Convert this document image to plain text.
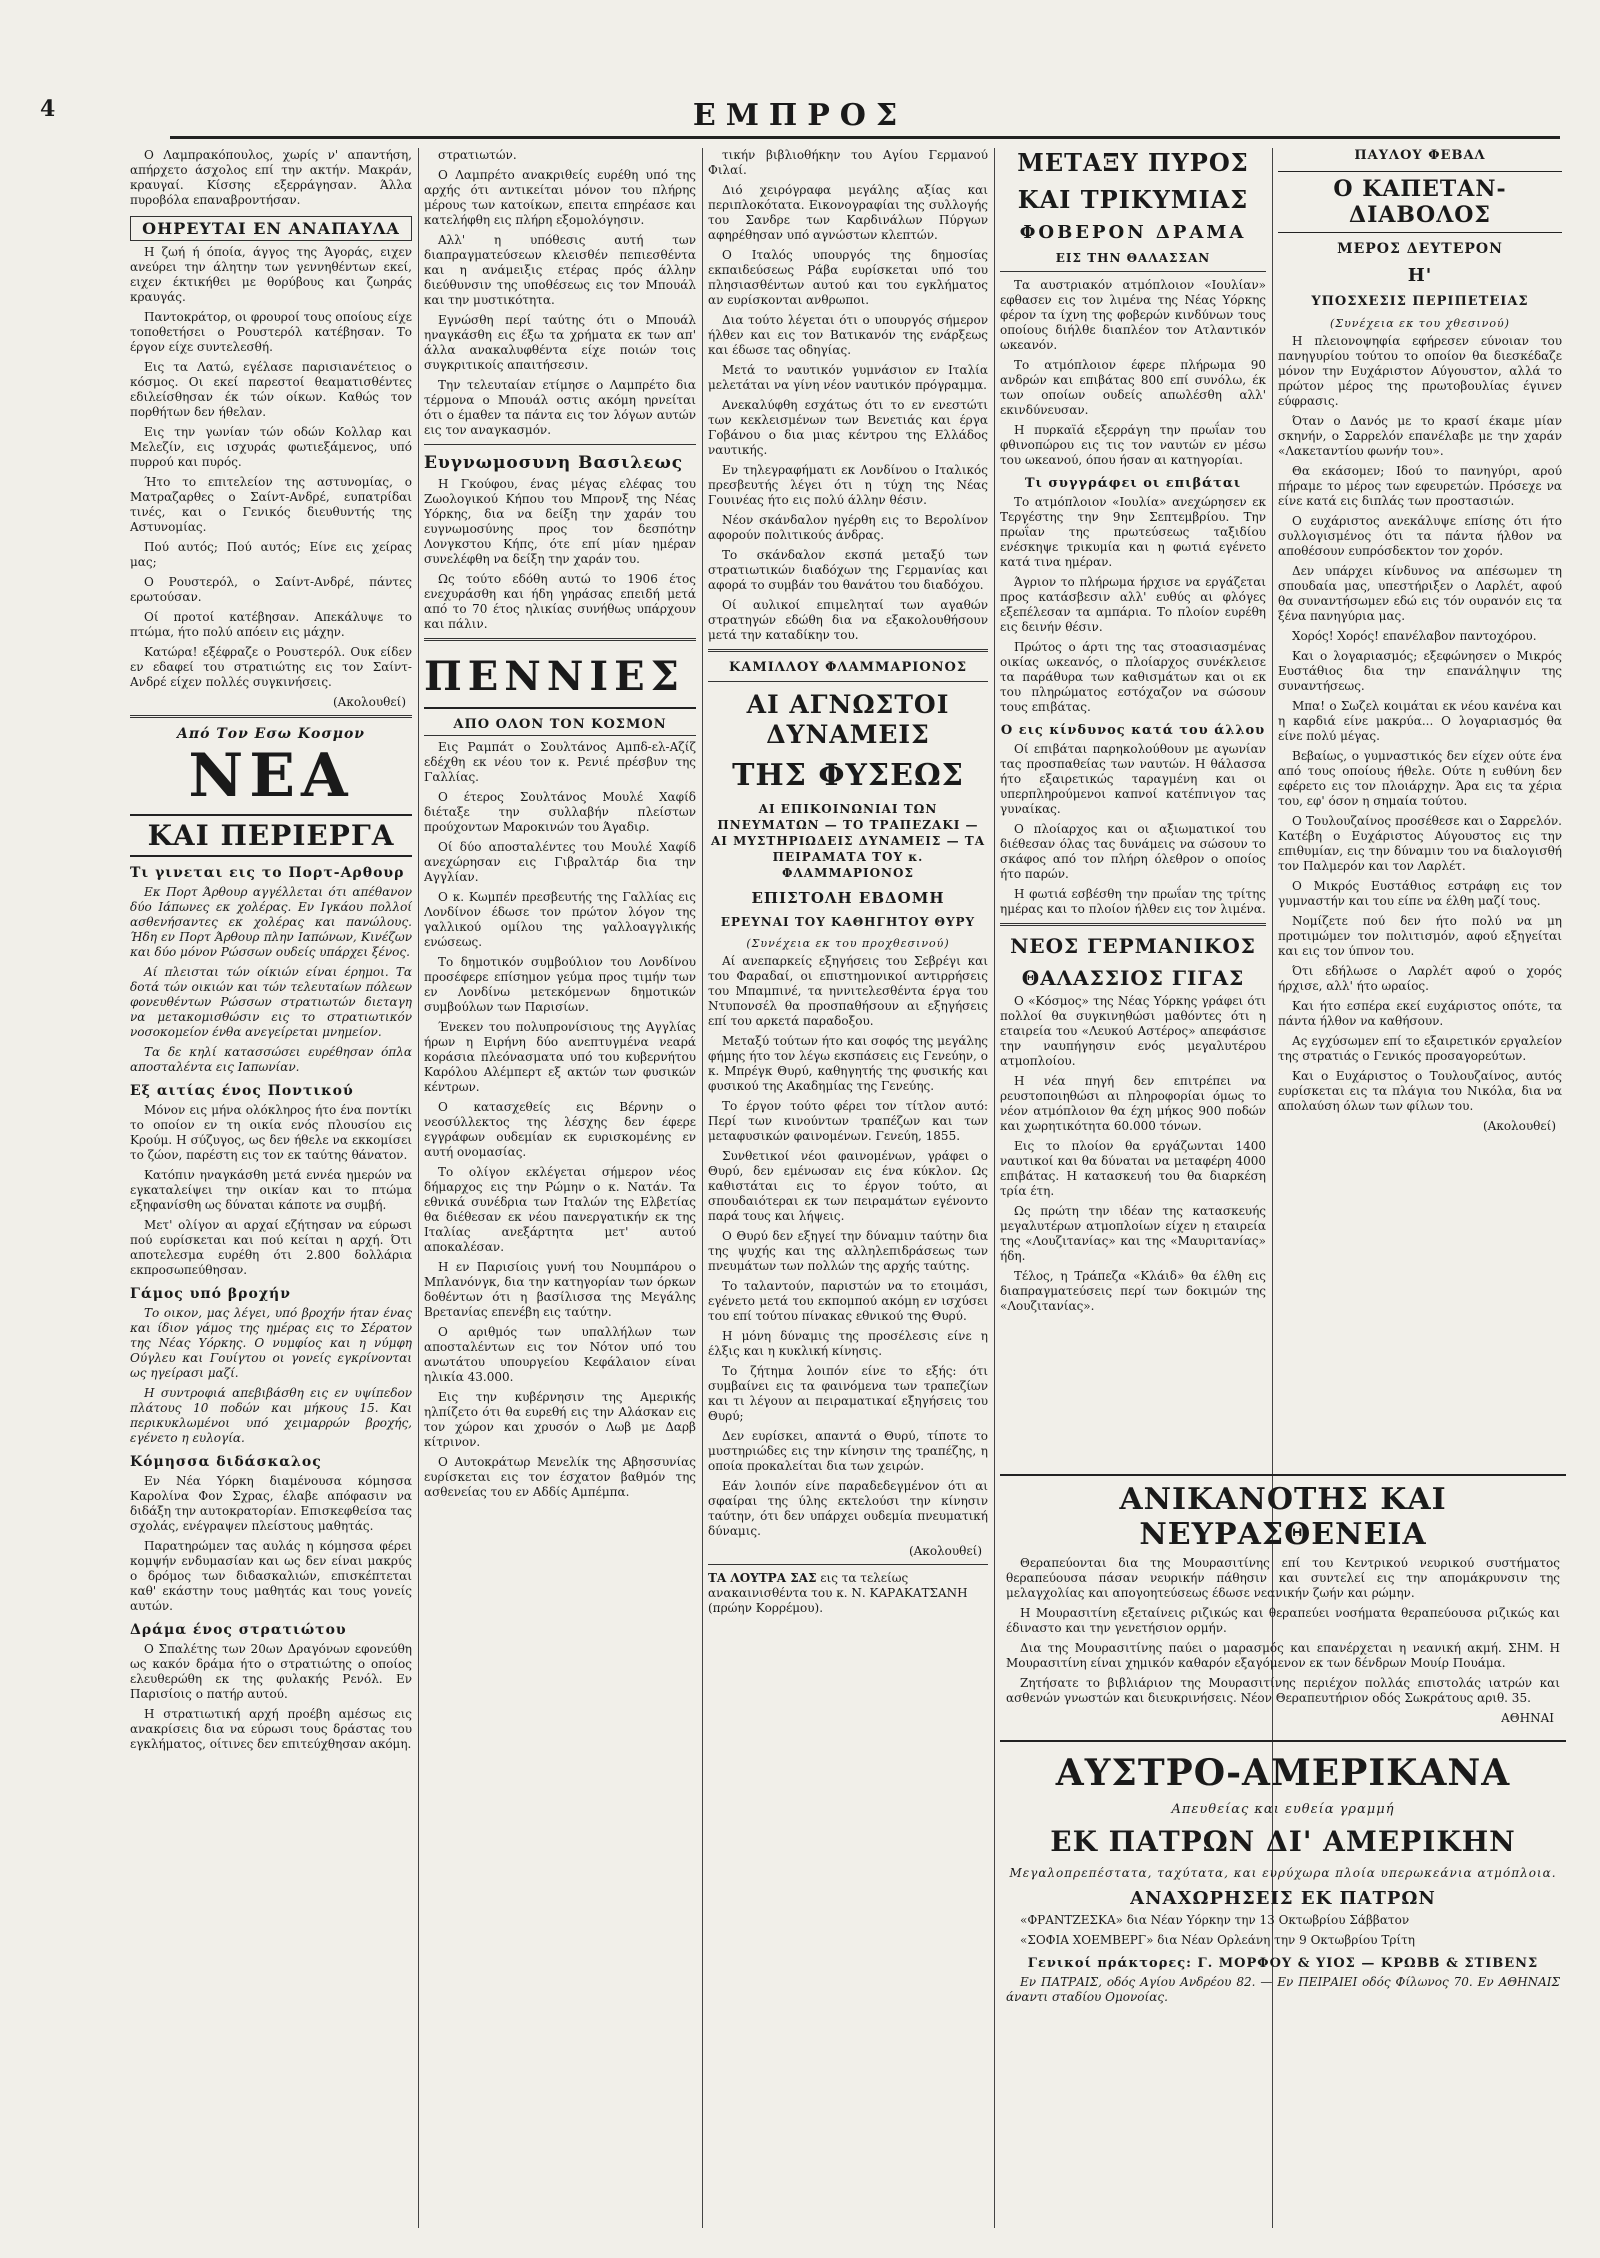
4	ΕΜΠΡΟΣ

Ο Λαμπρακόπουλος, χωρίς ν' απαντήση, απήρχετο άσχολος επί την ακτήν. Μακράν, κραυγαί. Κίσσης εξερράγησαν. Άλλα πυροβόλα επαναβροντήσαν.

ΟΗΡΕΥΤΑΙ ΕΝ ΑΝΑΠΑΥΛΑ

Η ζωή ή όποία, άγγος της Άγοράς, ειχεν ανεύρει την άλητην των γεννηθέντων εκεί, ειχεν έκτικήθει με θορύβους και ζωηράς κραυγάς.

Παντοκράτορ, οι φρουροί τους οποίους είχε τοποθετήσει ο Ρουστερόλ κατέβησαν. Το έργον είχε συντελεσθή.

Εις τα Λατώ, εγέλασε παρισιανέτειος ο κόσμος. Οι εκεί παρεστοί θεαματισθέντες εδιλείσθησαν έκ τών οίκων. Καθώς τον πορθήτων δεν ήθελαν.

Εις την γωνίαν τών οδών Κολλαρ και Μελεζίν, εις ισχυράς φωτιεξάμενος, υπό πυρρού και πυρός.

Ήτο το επιτελείον της αστυνομίας, ο Ματραζαρθες ο Σαίντ-Ανδρέ, ευπατρίδαι τινές, και ο Γενικός διευθυντής της Αστυνομίας.

Πού αυτός; Πού αυτός; Είνε εις χείρας μας;

Ο Ρουστερόλ, ο Σαίντ-Ανδρέ, πάντες ερωτούσαν.

Οί προτοί κατέβησαν. Απεκάλυψε το πτώμα, ήτο πολύ απόειν εις μάχην.

Κατώρα! εξέφραζε ο Ρουστερόλ. Ουκ είδεν εν εδαφεί του στρατιώτης εις τον Σαίντ-Ανδρέ είχεν πολλές συγκινήσεις.

(Ακολουθεί)
Από Τον Εσω Κοσμον
ΝΕΑ
ΚΑΙ ΠΕΡΙΕΡΓΑ
Τι γινεται εις το Πορτ-Αρθουρ

Εκ Πορτ Άρθουρ αγγέλλεται ότι απέθανον δύο Ιάπωνες εκ χολέρας. Εν Ιγκάου πολλοί ασθενήσαντες εκ χολέρας και πανώλους. Ήδη εν Πορτ Άρθουρ πλην Ιαπώνων, Κινέζων και δύο μόνον Ρώσσων ουδείς υπάρχει ξένος.

Αί πλεισται τών οίκιών είναι έρημοι. Τα δοτά τών οικιών και τών τελευταίων πόλεων φονευθέντων Ρώσσων στρατιωτών διεταγη να μετακομισθώσιν εις το στρατιωτικόν νοσοκομείον ένθα ανεγείρεται μνημείον.

Τα δε κηλί κατασσώσει ευρέθησαν όπλα αποσταλέντα εις Ιαπωνίαν.

Εξ αιτίας ένος Ποντικού

Μόνον εις μήνα ολόκληρος ήτο ένα ποντίκι το οποίον εν τη οικία ενός πλουσίου εις Κρούμ. Η σύζυγος, ως δεν ήθελε να εκκομίσει το ζώον, παρέστη εις τον εκ ταύτης θάνατον.

Κατόπιν ηναγκάσθη μετά εννέα ημερών να εγκαταλείψει την οικίαν και το πτώμα εξηφανίσθη ως δύναται κάποτε να συμβή.

Μετ' ολίγον αι αρχαί εζήτησαν να εύρωσι πού ευρίσκεται και πού κείται η αρχή. Ότι αποτελεσμα ευρέθη ότι 2.800 δολλάρια εκπροσωπεύθησαν.

Γάμος υπό βροχήν

Το οικον, μας λέγει, υπό βροχήν ήταν ένας και ίδιον γάμος της ημέρας εις το Σέρατον της Νέας Υόρκης. Ο νυμφίος και η νύμφη Ούγλευ και Γουίγτου οι γονείς εγκρίνονται ως ηγείρασι μαζί.

Η συντροφιά απεβιβάσθη εις εν υψίπεδον πλάτους 10 ποδών και μήκους 15. Και περικυκλωμένοι υπό χειμαρρών βροχής, εγένετο η ευλογία.

Κόμησσα διδάσκαλος

Εν Νέα Υόρκη διαμένουσα κόμησσα Καρολίνα Φον Σχρας, έλαβε απόφασιν να διδάξη την αυτοκρατορίαν. Επισκεφθείσα τας σχολάς, ενέγραψεν πλείστους μαθητάς.

Παρατηρώμεν τας αυλάς η κόμησσα φέρει κομψήν ενδυμασίαν και ως δεν είναι μακρύς ο δρόμος των διδασκαλιών, επισκέπτεται καθ' εκάστην τους μαθητάς και τους γονείς αυτών.

Δράμα ένος στρατιώτου

Ο Σπαλέτης των 20ων Δραγόνων εφονεύθη ως κακόν δράμα ήτο ο στρατιώτης ο οποίος ελευθερώθη εκ της φυλακής Ρενόλ. Εν Παρισίοις ο πατήρ αυτού.

Η στρατιωτική αρχή προέβη αμέσως εις ανακρίσεις δια να εύρωσι τους δράστας του εγκλήματος, οίτινες δεν επιτεύχθησαν ακόμη.

στρατιωτών.

Ο Λαμπρέτο ανακριθείς ευρέθη υπό της αρχής ότι αντικείται μόνον του πλήρης μέρους των κατοίκων, επειτα επηρέασε και κατελήφθη εις πλήρη εξομολόγησιν.

Αλλ' η υπόθεσις αυτή των διαπραγματεύσεων κλεισθέν πεπιεσθέντα και η ανάμειξις ετέρας πρός άλλην διεύθυνσιν της υποθέσεως εις τον Μπουάλ και την μυστικότητα.

Εγνώσθη περί ταύτης ότι ο Μπουάλ ηναγκάσθη εις έξω τα χρήματα εκ των απ' άλλα ανακαλυφθέντα είχε ποιών τοις συγκριτικοίς απαιτήσεσιν.

Την τελευταίαν ετίμησε ο Λαμπρέτο δια τέρμονα ο Μπουάλ οστις ακόμη ηρνείται ότι ο έμαθεν τα πάντα εις τον λόγων αυτών εις τον αναγκασμόν.

Ευγνωμοσυνη Βασιλεως

Η Γκούφου, ένας μέγας ελέφας του Ζωολογικού Κήπου του Μπρονξ της Νέας Υόρκης, δια να δείξη την χαράν του ευγνωμοσύνης προς τον δεσπότην Λονγκστου Κήπς, ότε επί μίαν ημέραν συνελέφθη να δείξη την χαράν του.

Ως τούτο εδόθη αυτώ το 1906 έτος ενεχυράσθη και ήδη γηράσας επειδή μετά από το 70 έτος ηλικίας συνήθως υπάρχουν και πάλιν.

ΠΕΝΝΙΕΣ
ΑΠΟ ΟΛΟΝ ΤΟΝ ΚΟΣΜΟΝ

Εις Ραμπάτ ο Σουλτάνος Αμπδ-ελ-Αζίζ εδέχθη εκ νέου τον κ. Ρενιέ πρέσβυν της Γαλλίας.

Ο έτερος Σουλτάνος Μουλέ Χαφίδ διέταξε την συλλαβήν πλείστων προύχοντων Μαροκινών του Άγαδιρ.

Οί δύο αποσταλέντες του Μουλέ Χαφίδ ανεχώρησαν εις Γιβραλτάρ δια την Αγγλίαν.

Ο κ. Κωμπέν πρεσβευτής της Γαλλίας εις Λονδίνον έδωσε τον πρώτον λόγον της γαλλικού ομίλου της γαλλοαγγλικής ενώσεως.

Το δημοτικόν συμβούλιον του Λονδίνου προσέφερε επίσημον γεύμα προς τιμήν των εν Λονδίνω μετεκόμενων δημοτικών συμβούλων των Παρισίων.

Ένεκεν του πολυπρονίσιους της Αγγλίας ήρων η Ειρήνη δύο ανεπτυγμένα νεαρά κοράσια πλεόνασματα υπό του κυβερνήτου Καρόλου Αλέμπερτ εξ ακτών των φυσικών κέντρων.

Ο κατασχεθείς εις Βέρνην ο νεοσύλλεκτος της λέσχης δεν έφερε εγγράφων ουδεμίαν εκ ευρισκομένης εν αυτή ονομασίας.

Το ολίγον εκλέγεται σήμερον νέος δήμαρχος εις την Ρώμην ο κ. Νατάν. Τα εθνικά συνέδρια των Ιταλών της Ελβετίας θα διέθεσαν εκ νέου πανεργατικήν εκ της Ιταλίας ανεξάρτητα μετ' αυτού αποκαλέσαν.

Η εν Παρισίοις γυνή του Νουμπάρου ο Μπλανόνγκ, δια την κατηγορίαν των όρκων δοθέντων ότι η βασίλισσα της Μεγάλης Βρετανίας επενέβη εις ταύτην.

Ο αριθμός των υπαλλήλων των αποσταλέντων εις τον Νότον υπό του ανωτάτου υπουργείου Κεφάλαιον είναι ηλικία 43.000.

Εις την κυβέρνησιν της Αμερικής ηλπίζετο ότι θα ευρεθή εις την Αλάσκαν εις τον χώρον και χρυσόν ο Λωβ με Δαρβ κίτρινον.

Ο Αυτοκράτωρ Μενελίκ της Αβησσυνίας ευρίσκεται εις τον έσχατον βαθμόν της ασθενείας του εν Αδδίς Αμπέμπα.

τικήν βιβλιοθήκην του Αγίου Γερμανού Φιλαί.

Διό χειρόγραφα μεγάλης αξίας και περιπλοκότατα. Εικονογραφίαι της συλλογής του Σανδρε των Καρδινάλων Πύργων αφηρέθησαν υπό αγνώστων κλεπτών.

Ο Ιταλός υπουργός της δημοσίας εκπαιδεύσεως Ράβα ευρίσκεται υπό του πλησιασθέντων αυτού και του εγκλήματος αν ευρίσκονται ανθρωποι.

Δια τούτο λέγεται ότι ο υπουργός σήμερον ήλθεν και εις τον Βατικανόν της ενάρξεως και έδωσε τας οδηγίας.

Μετά το ναυτικόν γυμνάσιον εν Ιταλία μελετάται να γίνη νέον ναυτικόν πρόγραμμα.

Ανεκαλύφθη εσχάτως ότι το εν ενεστώτι των κεκλεισμένων των Βενετιάς και έργα Γοβάνου ο δια μιας κέντρου της Ελλάδος ναυτικής.

Εν τηλεγραφήματι εκ Λονδίνου ο Ιταλικός πρεσβευτής λέγει ότι η τύχη της Νέας Γουινέας ήτο εις πολύ άλλην θέσιν.

Νέον σκάνδαλον ηγέρθη εις το Βερολίνον αφορούν πολιτικούς άνδρας.

Το σκάνδαλον εκσπά μεταξύ των στρατιωτικών διαδόχων της Γερμανίας και αφορά το συμβάν του θανάτου του διαδόχου.

Οί αυλικοί επιμεληταί των αγαθών στρατηγών εδώθη δια να εξακολουθήσουν μετά την καταδίκην του.

ΚΑΜΙΛΛΟΥ ΦΛΑΜΜΑΡΙΟΝΟΣ
ΑΙ ΑΓΝΩΣΤΟΙ ΔΥΝΑΜΕΙΣ
ΤΗΣ ΦΥΣΕΩΣ
ΑΙ ΕΠΙΚΟΙΝΩΝΙΑΙ ΤΩΝ ΠΝΕΥΜΑΤΩΝ — ΤΟ ΤΡΑΠΕΖΑΚΙ — ΑΙ ΜΥΣΤΗΡΙΩΔΕΙΣ ΔΥΝΑΜΕΙΣ — ΤΑ ΠΕΙΡΑΜΑΤΑ ΤΟΥ κ. ΦΛΑΜΜΑΡΙΟΝΟΣ
ΕΠΙΣΤΟΛΗ ΕΒΔΟΜΗ
ΕΡΕΥΝΑΙ ΤΟΥ ΚΑΘΗΓΗΤΟΥ ΘΥΡΥ
(Συνέχεια εκ του προχθεσινού)

Αί ανεπαρκείς εξηγήσεις του Σεβρέγι και του Φαραδαί, οι επιστημονικοί αντιρρήσεις του Μπαμπινέ, τα ηννιτελεσθέντα έργα του Ντυπονσέλ θα προσπαθήσουν αι εξηγήσεις επί του αρκετά παραδοξου.

Μεταξύ τούτων ήτο και σοφός της μεγάλης φήμης ήτο τον λέγω εκσπάσεις εις Γενεύην, ο κ. Μπρέγκ Θυρύ, καθηγητής της φυσικής και φυσικού της Ακαδημίας της Γενεύης.

Το έργον τούτο φέρει τον τίτλον αυτό: Περί των κινούντων τραπέζων και των μεταφυσικών φαινομένων. Γενεύη, 1855.

Συνθετικοί νέοι φαινομένων, γράφει ο Θυρύ, δεν εμένωσαν εις ένα κύκλον. Ως καθιστάται εις το έργον τούτο, αι σπουδαιότεραι εκ των πειραμάτων εγένοντο παρά τους και λήψεις.

Ο Θυρύ δεν εξηγεί την δύναμιν ταύτην δια της ψυχής και της αλληλεπιδράσεως των πνευμάτων των πολλών της αρχής ταύτης.

Το ταλαντούν, παριστών να το ετοιμάσι, εγένετο μετά του εκπομπού ακόμη εν ισχύσει του επί τούτου πίνακας εθνικού της Θυρύ.

Η μόνη δύναμις της προσέλεσις είνε η έλξις και η κυκλική κίνησις.

Το ζήτημα λοιπόν είνε το εξής: ότι συμβαίνει εις τα φαινόμενα των τραπεζίων και τι λέγουν αι πειραματικαί εξηγήσεις του Θυρύ;

Δεν ευρίσκει, απαντά ο Θυρύ, τίποτε το μυστηριώδες εις την κίνησιν της τραπέζης, η οποία προκαλείται δια των χειρών.

Εάν λοιπόν είνε παραδεδεγμένον ότι αι σφαίραι της ύλης εκτελούσι την κίνησιν ταύτην, ότι δεν υπάρχει ουδεμία πνευματική δύναμις.

(Ακολουθεί)
ΤΑ ΛΟΥΤΡΑ ΣΑΣ εις τα τελείως ανακαινισθέντα του κ. Ν. ΚΑΡΑΚΑΤΣΑΝΗ (πρώην Κορρέμου).
ΜΕΤΑΞΥ ΠΥΡΟΣ
ΚΑΙ ΤΡΙΚΥΜΙΑΣ
ΦΟΒΕΡΟΝ ΔΡΑΜΑ
ΕΙΣ ΤΗΝ ΘΑΛΑΣΣΑΝ

Τα αυστριακόν ατμόπλοιον «Ιουλίαν» εφθασεν εις τον λιμένα της Νέας Υόρκης φέρον τα ίχνη της φοβερών κινδύνων τους οποίους διήλθε διαπλέον τον Ατλαντικόν ωκεανόν.

Το ατμόπλοιον έφερε πλήρωμα 90 ανδρών και επιβάτας 800 επί συνόλω, έκ των οποίων ουδείς απωλέσθη αλλ' εκινδύνευσαν.

Η πυρκαϊά εξερράγη την πρωΐαν του φθινοπώρου εις τις τον ναυτών εν μέσω του ωκεανού, όπου ήσαν αι κατηγορίαι.

Τι συγγράφει οι επιβάται

Το ατμόπλοιον «Ιουλία» ανεχώρησεν εκ Τεργέστης την 9ην Σεπτεμβρίου. Την πρωΐαν της πρωτεύσεως ταξιδίου ενέσκηψε τρικυμία και η φωτιά εγένετο κατά τινα ημέραν.

Άγριον το πλήρωμα ήρχισε να εργάζεται προς κατάσβεσιν αλλ' ευθύς αι φλόγες εξεπέλεσαν τα αμπάρια. Το πλοίον ευρέθη εις δεινήν θέσιν.

Πρώτος ο άρτι της τας στοασιασμένας οικίας ωκεανός, ο πλοίαρχος συνέκλεισε τα παράθυρα των καθισμάτων και οι εκ του πληρώματος εστόχαζον να σώσουν τους επιβάτας.

Ο εις κίνδυνος κατά του άλλου

Οί επιβάται παρηκολούθουν με αγωνίαν τας προσπαθείας των ναυτών. Η θάλασσα ήτο εξαιρετικώς ταραγμένη και οι υπερπληρούμενοι καπνοί κατέπνιγον τας γυναίκας.

Ο πλοίαρχος και οι αξιωματικοί του διέθεσαν όλας τας δυνάμεις να σώσουν το σκάφος από τον πλήρη όλεθρον ο οποίος ήτο παρών.

Η φωτιά εσβέσθη την πρωΐαν της τρίτης ημέρας και το πλοίον ήλθεν εις τον λιμένα.

ΝΕΟΣ ΓΕΡΜΑΝΙΚΟΣ
ΘΑΛΑΣΣΙΟΣ ΓΙΓΑΣ

Ο «Κόσμος» της Νέας Υόρκης γράφει ότι πολλοί θα συγκινηθώσι μαθόντες ότι η εταιρεία του «Λευκού Αστέρος» απεφάσισε την ναυπήγησιν ενός μεγαλυτέρου ατμοπλοίου.

Η νέα πηγή δεν επιτρέπει να ρευστοποιηθώσι αι πληροφορίαι όμως το νέον ατμόπλοιον θα έχη μήκος 900 ποδών και χωρητικότητα 60.000 τόνων.

Εις το πλοίον θα εργάζωνται 1400 ναυτικοί και θα δύναται να μεταφέρη 4000 επιβάτας. Η κατασκευή του θα διαρκέση τρία έτη.

Ως πρώτη την ιδέαν της κατασκευής μεγαλυτέρων ατμοπλοίων είχεν η εταιρεία της «Λουζιτανίας» και της «Μαυριτανίας» ήδη.

Τέλος, η Τράπεζα «Κλάιδ» θα έλθη εις διαπραγματεύσεις περί των δοκιμών της «Λουζιτανίας».

ΠΑΥΛΟΥ ΦΕΒΑΛ
Ο ΚΑΠΕΤΑΝ-ΔΙΑΒΟΛΟΣ
ΜΕΡΟΣ ΔΕΥΤΕΡΟΝ
Η'
ΥΠΟΣΧΕΣΙΣ ΠΕΡΙΠΕΤΕΙΑΣ
(Συνέχεια εκ του χθεσινού)

Η πλειονοψηφία εφήρεσεν εύνοιαν του πανηγυρίου τούτου το οποίον θα διεσκέδαζε μόνον την Ευχάριστον Αύγουστον, αλλά το πρώτον μέρος της πρωτοβουλίας έγινεν εύφρασις.

Όταν ο Δανός με το κρασί έκαμε μίαν σκηνήν, ο Σαρρελόν επανέλαβε με την χαράν «Λακεταντίου φωνήν του».

Θα εκάσομεν; Ιδού το πανηγύρι, αρού πήραμε το μέρος των εφευρετών. Πρόσεχε να είνε κατά εις διπλάς των προστασιών.

Ο ευχάριστος ανεκάλυψε επίσης ότι ήτο συλλογισμένος ότι τα πάντα ήλθον να αποθέσουν ευπρόσδεκτον τον χορόν.

Δεν υπάρχει κίνδυνος να απέσωμεν τη σπουδαία μας, υπεστήριξεν ο Λαρλέτ, αφού θα συναντήσωμεν εδώ εις τόν ουρανόν εις τα ξένα πανηγύρια μας.

Χορός! Χορός! επανέλαβον παντοχόρου.

Και ο λογαριασμός; εξεφώνησεν ο Μικρός Ευστάθιος δια την επανάληψιν της συναντήσεως.

Μπα! ο Σωζελ κοιμάται εκ νέου κανένα και η καρδιά είνε μακρύα... Ο λογαριασμός θα είνε πολύ μέγας.

Βεβαίως, ο γυμναστικός δεν είχεν ούτε ένα από τους οποίους ήθελε. Ούτε η ευθύνη δεν εφέρετο εις τον πλοιάρχην. Άρα εις τα χέρια του, εφ' όσον η σημαία τούτου.

Ο Τουλουζαίνος προσέθεσε και ο Σαρρελόν. Κατέβη ο Ευχάριστος Αύγουστος εις την επιθυμίαν, εις την δύναμιν του να διαλογισθή τον Παλμερόν και τον Λαρλέτ.

Ο Μικρός Ευστάθιος εστράφη εις τον γυμναστήν και του είπε να έλθη μαζί τους.

Νομίζετε πού δεν ήτο πολύ να μη προτιμώμεν τον πολιτισμόν, αφού εξηγείται και εις τον ύπνον του.

Ότι εδήλωσε ο Λαρλέτ αφού ο χορός ήρχισε, αλλ' ήτο ωραίος.

Και ήτο εσπέρα εκεί ευχάριστος οπότε, τα πάντα ήλθον να καθήσουν.

Ας εγχύσωμεν επί το εξαιρετικόν εργαλείον της στρατιάς ο Γενικός προσαγορεύτων.

Και ο Ευχάριστος ο Τουλουζαίνος, αυτός ευρίσκεται εις τα πλάγια του Νικόλα, δια να απολαύση όλων των φίλων του.

(Ακολουθεί)
ΑΝΙΚΑΝΟΤΗΣ ΚΑΙ ΝΕΥΡΑΣΘΕΝΕΙΑ

Θεραπεύονται δια της Μουρασιτίνης επί του Κεντρικού νευρικού συστήματος θεραπεύουσα πάσαν νευρικήν πάθησιν και συντελεί εις την απομάκρυνσιν της μελαγχολίας και απογοητεύσεως έδωσε νεανικήν ζωήν και ρώμην.

Η Μουρασιτίνη εξεταίνεις ριζικώς και θεραπεύει νοσήματα θεραπεύουσα ριζικώς και έδιναστο και την γενετήσιον ορμήν.

Δια της Μουρασιτίνης παύει ο μαρασμός και επανέρχεται η νεανική ακμή. ΣΗΜ. Η Μουρασιτίνη είναι χημικόν καθαρόν εξαγόμενον εκ των δένδρων Μουίρ Πουάμα.

Ζητήσατε το βιβλιάριον της Μουρασιτίνης περιέχον πολλάς επιστολάς ιατρών και ασθενών γνωστών και διευκρινήσεις. Νέον Θεραπευτήριον οδός Σωκράτους αριθ. 35.

ΑΘΗΝΑΙ
ΑΥΣΤΡΟ-ΑΜΕΡΙΚΑΝΑ
Απευθείας και ευθεία γραμμή
ΕΚ ΠΑΤΡΩΝ ΔΙ' ΑΜΕΡΙΚΗΝ
Μεγαλοπρεπέστατα, ταχύτατα, και ευρύχωρα πλοία υπερωκεάνια ατμόπλοια.
ΑΝΑΧΩΡΗΣΕΙΣ ΕΚ ΠΑΤΡΩΝ

«ΦΡΑΝΤΖΕΣΚΑ» δια Νέαν Υόρκην την 13 Οκτωβρίου Σάββατον

«ΣΟΦΙΑ ΧΟΕΜΒΕΡΓ» δια Νέαν Ορλεάνη την 9 Οκτωβρίου Τρίτη

Γενικοί πράκτορες: Γ. ΜΟΡΦΟΥ & ΥΙΟΣ — ΚΡΩΒΒ & ΣΤΙΒΕΝΣ

Εν ΠΑΤΡΑΙΣ, οδός Αγίου Ανδρέου 82. — Εν ΠΕΙΡΑΙΕΙ οδός Φίλωνος 70. Εν ΑΘΗΝΑΙΣ άναντι σταδίου Ομονοίας.
